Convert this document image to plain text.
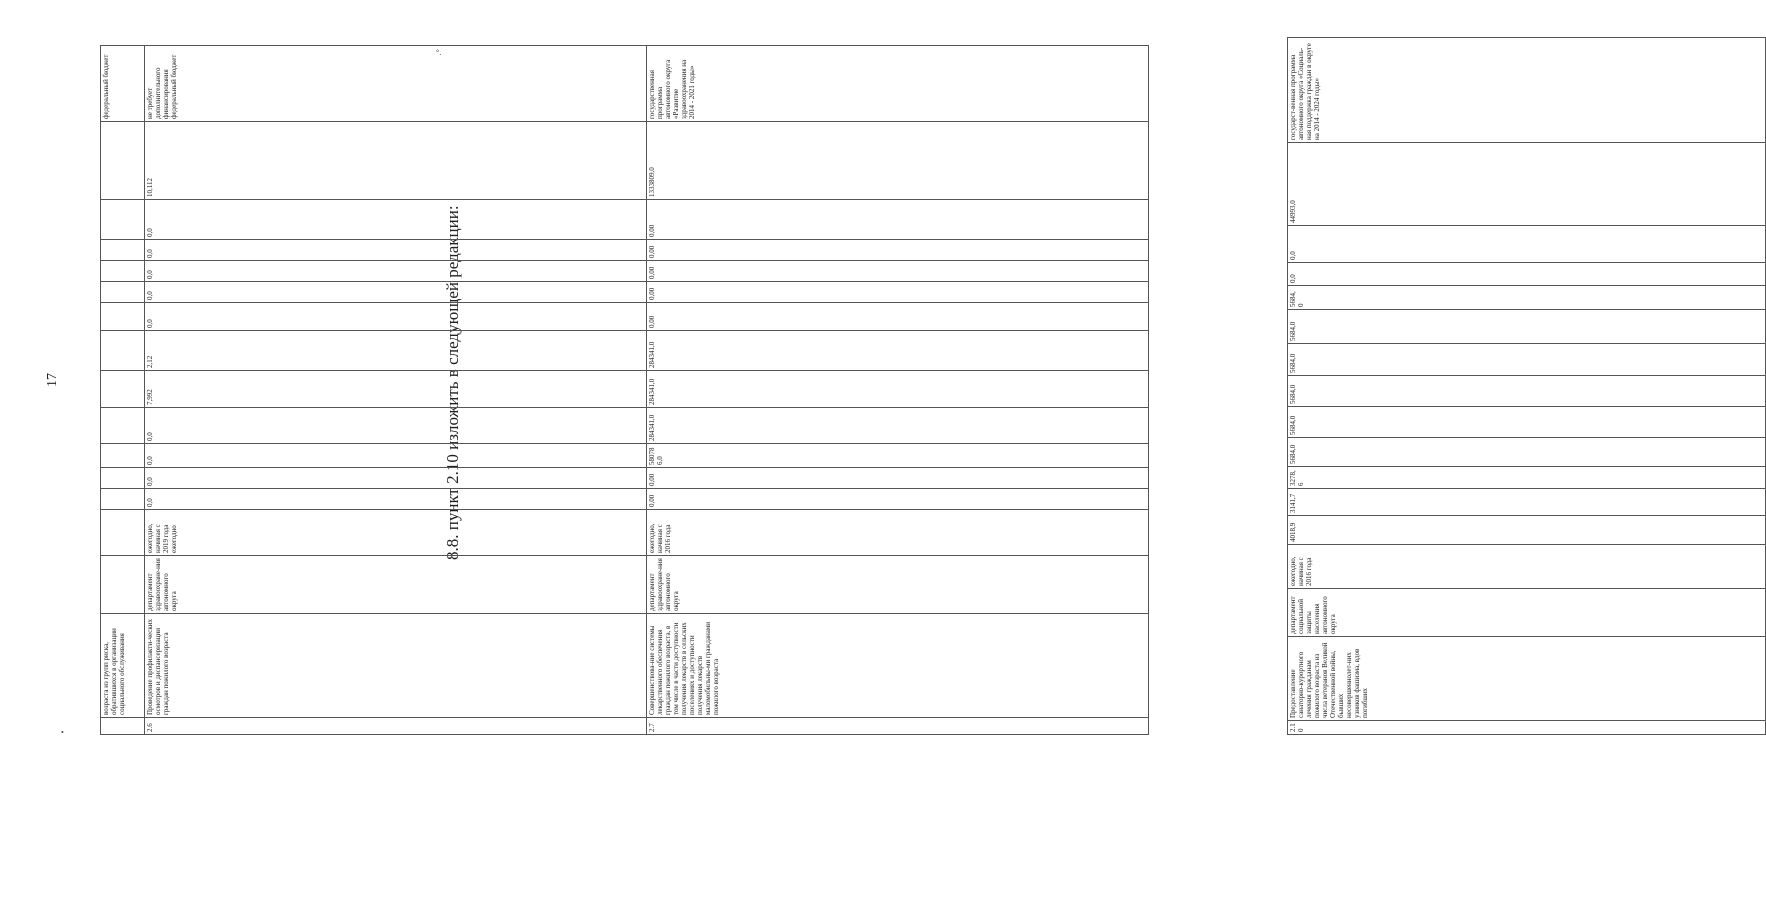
17
°.
•
8.8. пункт 2.10 изложить в следующей редакции:
	возраста из групп риска, обратившихся в организации социального обслуживания															федеральный бюджет	
2.6	Проведение профилакти-ческих осмотров и диспансеризации граждан пожилого возраста	департамент здравоохране-ния автономного округа	ежегодно, начиная с 2019 года ежегодно	0,0	0,0	0,0	0,0	7,992	2,12	0,0	0,0	0,0	0,0	0,0	10,112	не требует дополнительного финансирования федеральный бюджет	
2.7	Совершенствова-ние системы лекарственного обеспечения граждан пожилого возраста, в том числе в части доступности получения лекарств в сельских поселениях и доступности получения лекарств маломобильны-ми гражданами пожилого возраста	департамент здравоохране-ния автономного округа	ежегодно, начиная с 2016 года	0,00	0,00	580786,0	284341,0	284341,0	284341,0	0,00	0,00	0,00	0,00	0,00	1333809,0	государственная программа автономного округа «Развитие здравоохранения на 2014 - 2021 годы»	
2.10	Предоставление санаторно-курортного лечения гражданам пожилого возраста из числа ветеранов Великой Отечественной войны, бывших несовершеннолет-них узников фашизма, вдов погибших	департамент социальной защиты населения автономного округа	ежегодно, начиная с 2016 года	4018,9	3141,7	3278,6	5684,0	5684,0	5684,0	5684,0	5684,0	5684,0	0,0	0,0	44993,0	государст-венная программа автономного округа «Социаль-ная поддержка граждан в округе на 2014 - 2024 годы»	
